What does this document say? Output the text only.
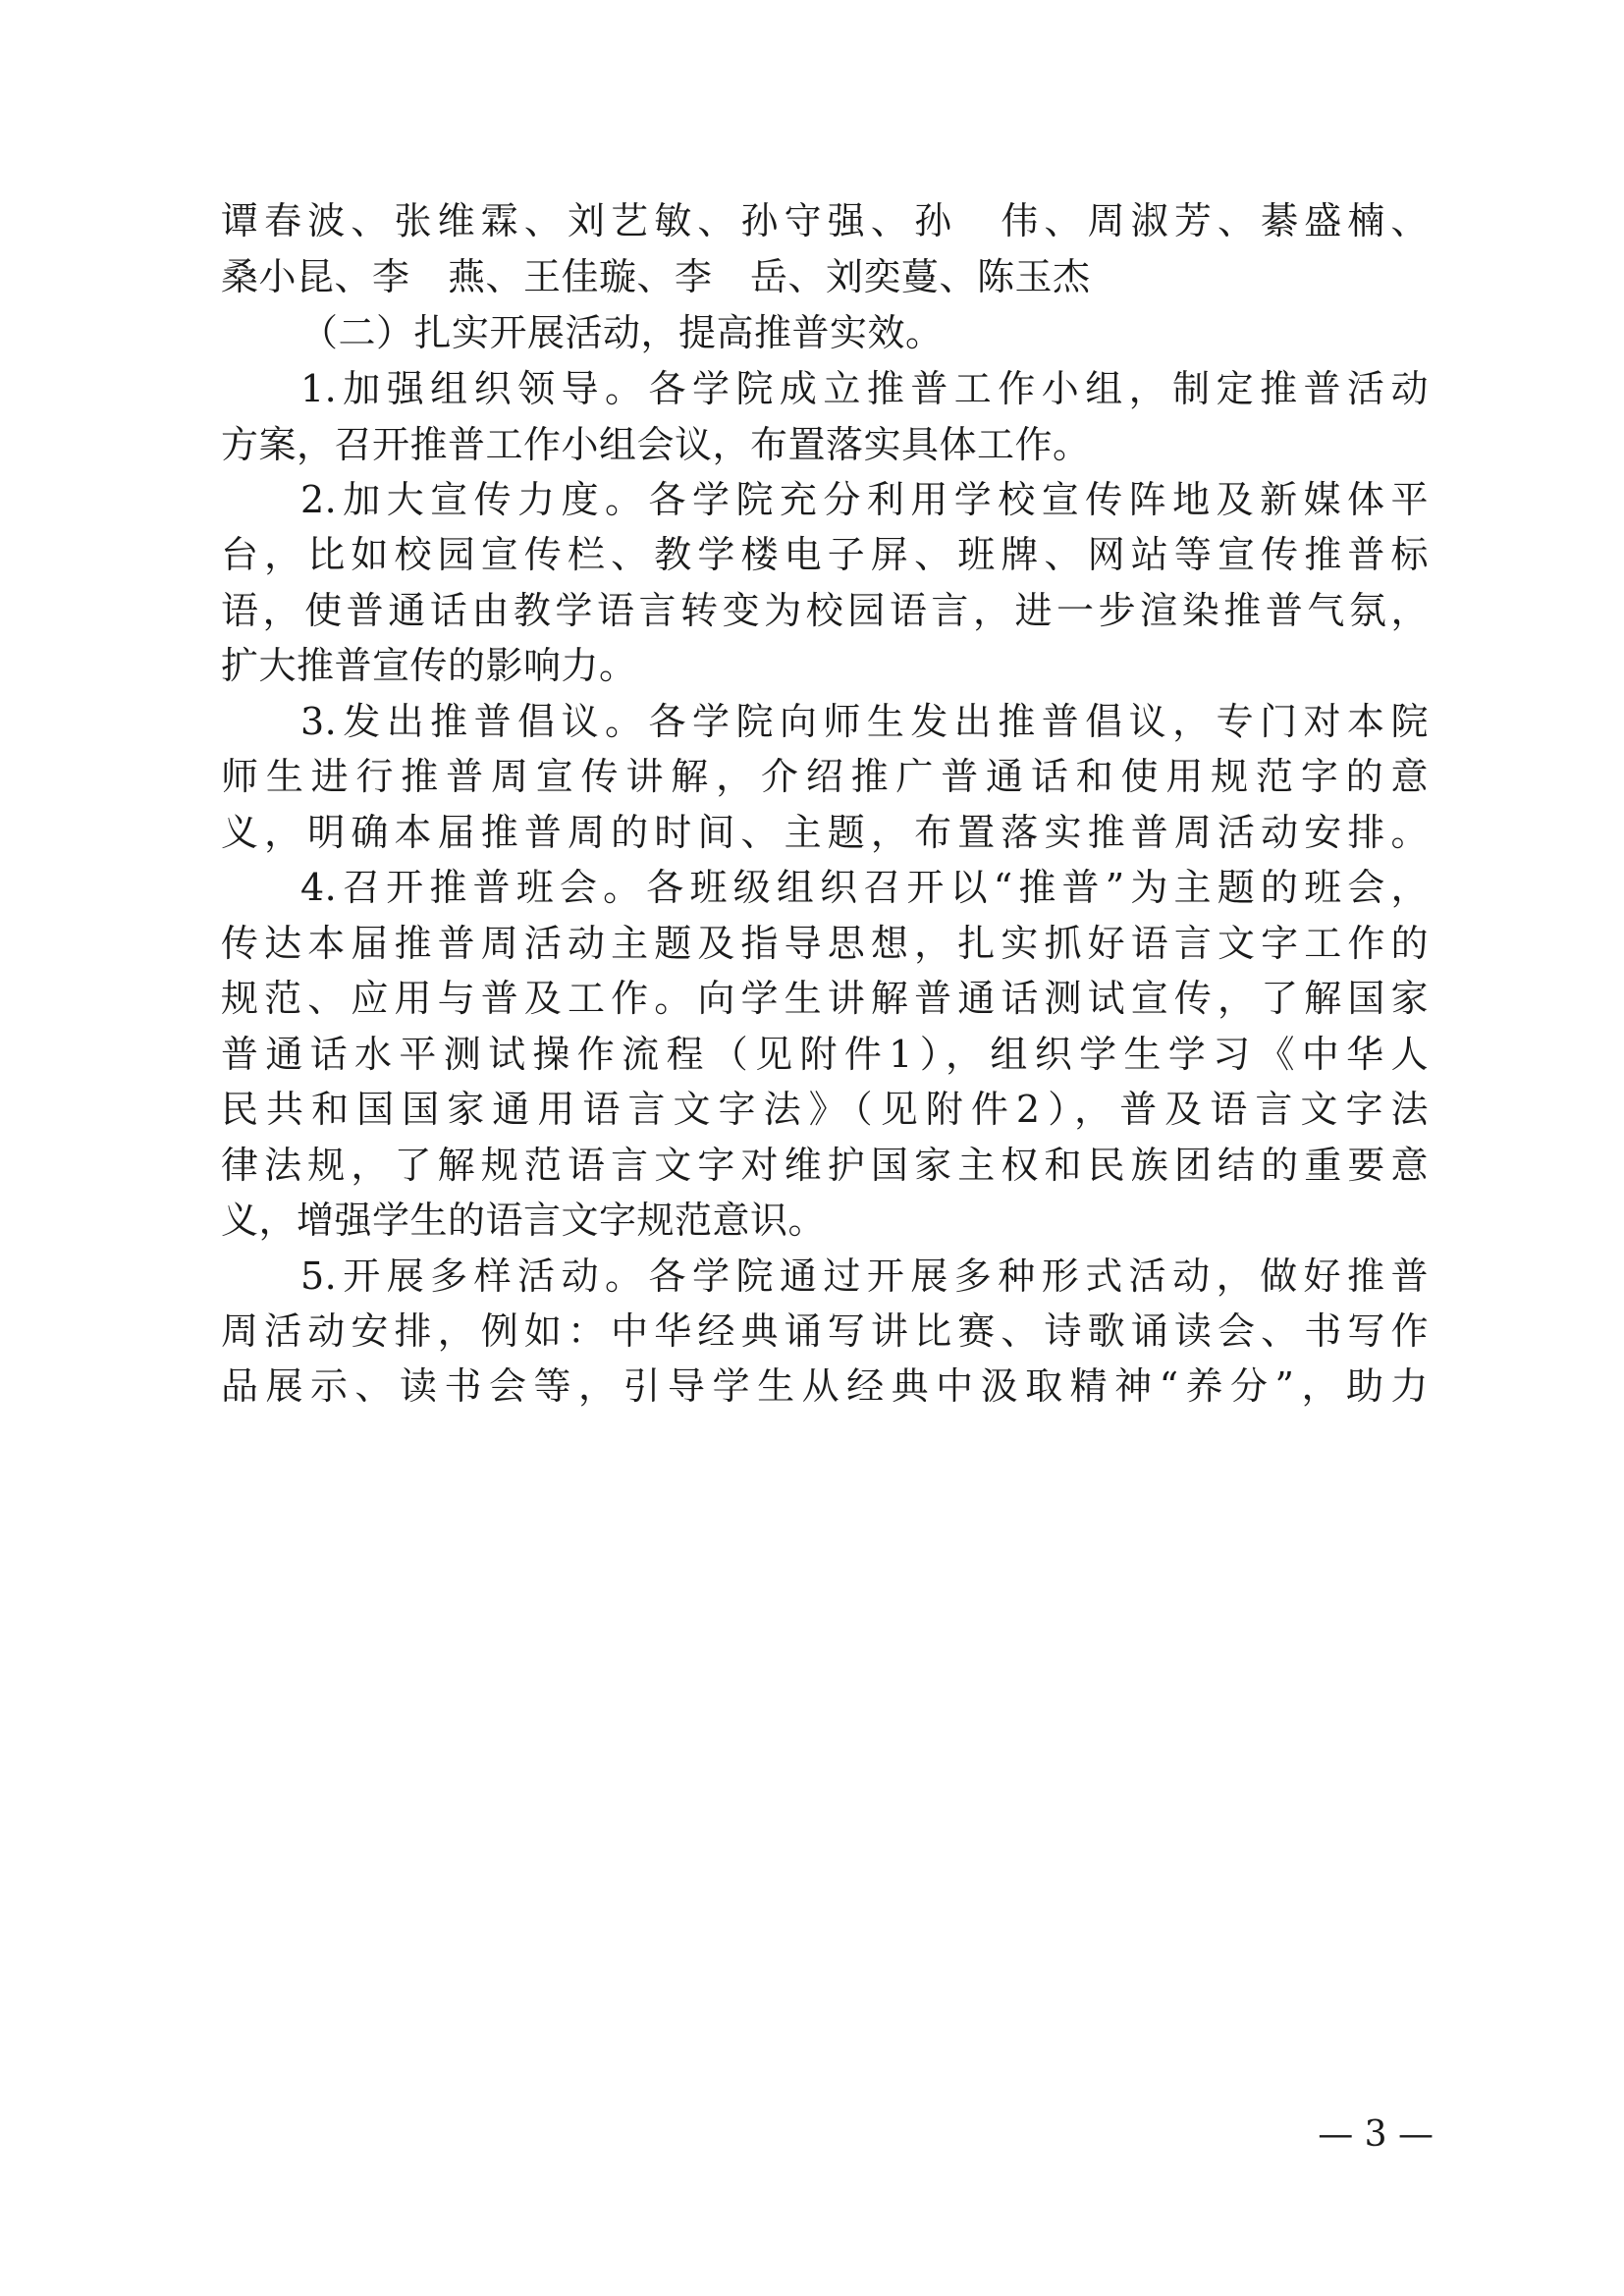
谭春波、张维霖、刘艺敏、孙守强、孙　伟、周淑芳、綦盛楠、
桑小昆、李　燕、王佳璇、李　岳、刘奕蔓、陈玉杰
（二）扎实开展活动，提高推普实效。
1.加强组织领导。各学院成立推普工作小组，制定推普活动
方案，召开推普工作小组会议，布置落实具体工作。
2.加大宣传力度。各学院充分利用学校宣传阵地及新媒体平
台，比如校园宣传栏、教学楼电子屏、班牌、网站等宣传推普标
语，使普通话由教学语言转变为校园语言，进一步渲染推普气氛，
扩大推普宣传的影响力。
3.发出推普倡议。各学院向师生发出推普倡议，专门对本院
师生进行推普周宣传讲解，介绍推广普通话和使用规范字的意
义，明确本届推普周的时间、主题，布置落实推普周活动安排。
4.召开推普班会。各班级组织召开以“推普”为主题的班会，
传达本届推普周活动主题及指导思想，扎实抓好语言文字工作的
规范、应用与普及工作。向学生讲解普通话测试宣传，了解国家
普通话水平测试操作流程（见附件1），组织学生学习《中华人
民共和国国家通用语言文字法》（见附件2），普及语言文字法
律法规，了解规范语言文字对维护国家主权和民族团结的重要意
义，增强学生的语言文字规范意识。
5.开展多样活动。各学院通过开展多种形式活动，做好推普
周活动安排，例如：中华经典诵写讲比赛、诗歌诵读会、书写作
品展示、读书会等，引导学生从经典中汲取精神“养分”，助力
— 3 —
